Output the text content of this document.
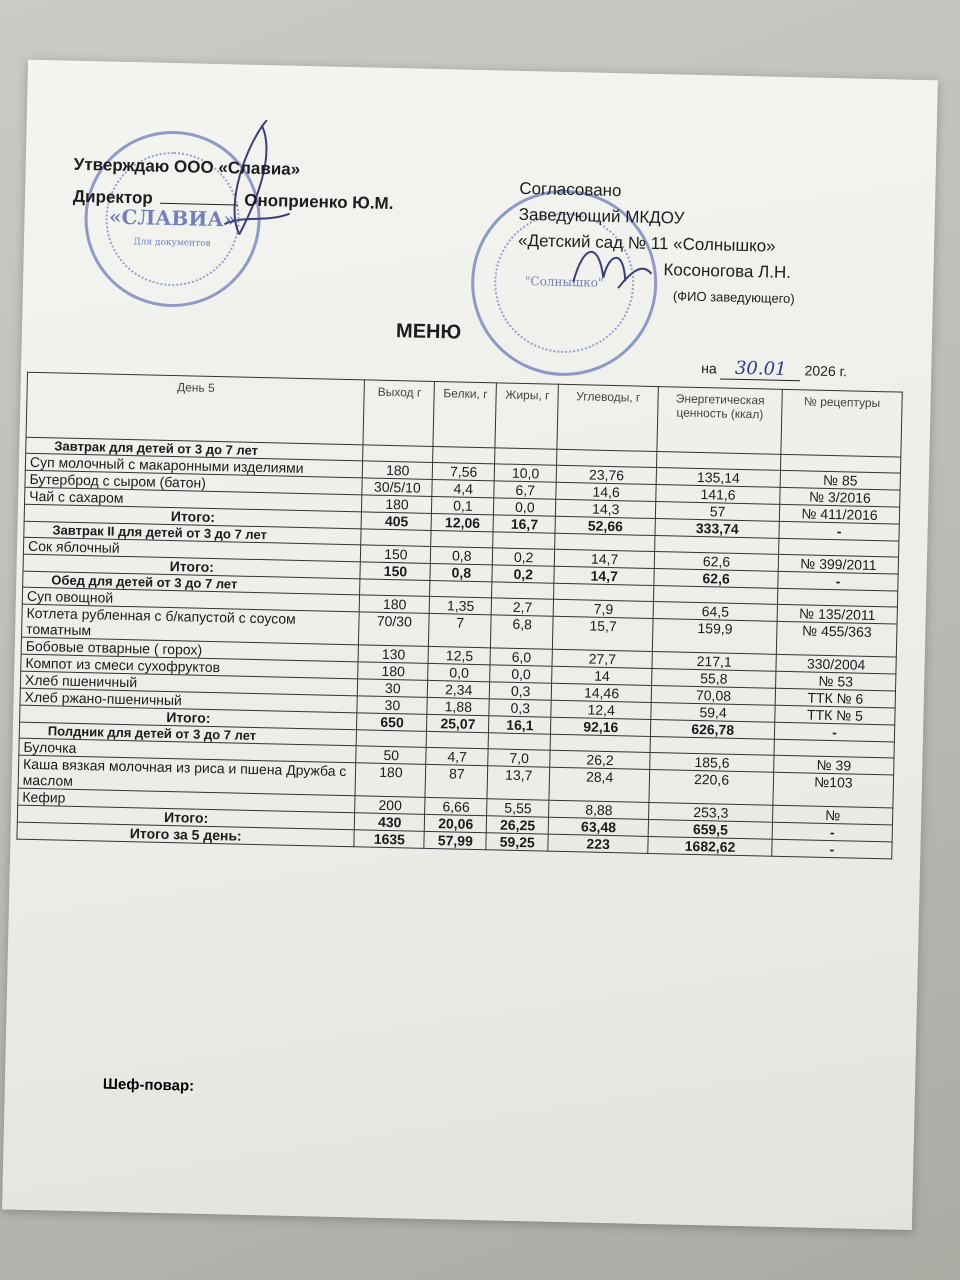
«СЛАВИА»
Для документов
"Солнышко"
Утверждаю ООО «Славиа»
Директор	Оноприенко Ю.М.
Согласовано
Заведующий МКДОУ
«Детский сад № 11 «Солнышко»
Косоногова Л.Н.
(ФИО заведующего)
МЕНЮ
на 30.01 2026 г.
День 5	Выход г	Белки, г	Жиры, г	Углеводы, г	Энергетическая ценность (ккал)	№ рецептуры
Завтрак для детей от 3 до 7 лет						
Суп молочный с макаронными изделиями	180	7,56	10,0	23,76	135,14	№ 85
Бутерброд с сыром (батон)	30/5/10	4,4	6,7	14,6	141,6	№ 3/2016
Чай с сахаром	180	0,1	0,0	14,3	57	№ 411/2016
Итого:	405	12,06	16,7	52,66	333,74	-
Завтрак II для детей от 3 до 7 лет						
Сок яблочный	150	0,8	0,2	14,7	62,6	№ 399/2011
Итого:	150	0,8	0,2	14,7	62,6	-
Обед для детей от 3 до 7 лет						
Суп овощной	180	1,35	2,7	7,9	64,5	№ 135/2011
Котлета рубленная с б/капустой с соусом томатным	70/30	7	6,8	15,7	159,9	№ 455/363
Бобовые отварные ( горох)	130	12,5	6,0	27,7	217,1	330/2004
Компот из смеси сухофруктов	180	0,0	0,0	14	55,8	№ 53
Хлеб пшеничный	30	2,34	0,3	14,46	70,08	ТТК № 6
Хлеб ржано-пшеничный	30	1,88	0,3	12,4	59,4	ТТК № 5
Итого:	650	25,07	16,1	92,16	626,78	-
Полдник для детей от 3 до 7 лет						
Булочка	50	4,7	7,0	26,2	185,6	№ 39
Каша вязкая молочная из риса и пшена Дружба с маслом	180	87	13,7	28,4	220,6	№103
Кефир	200	6,66	5,55	8,88	253,3	№
Итого:	430	20,06	26,25	63,48	659,5	-
Итого за 5 день:	1635	57,99	59,25	223	1682,62	-
Шеф-повар:
